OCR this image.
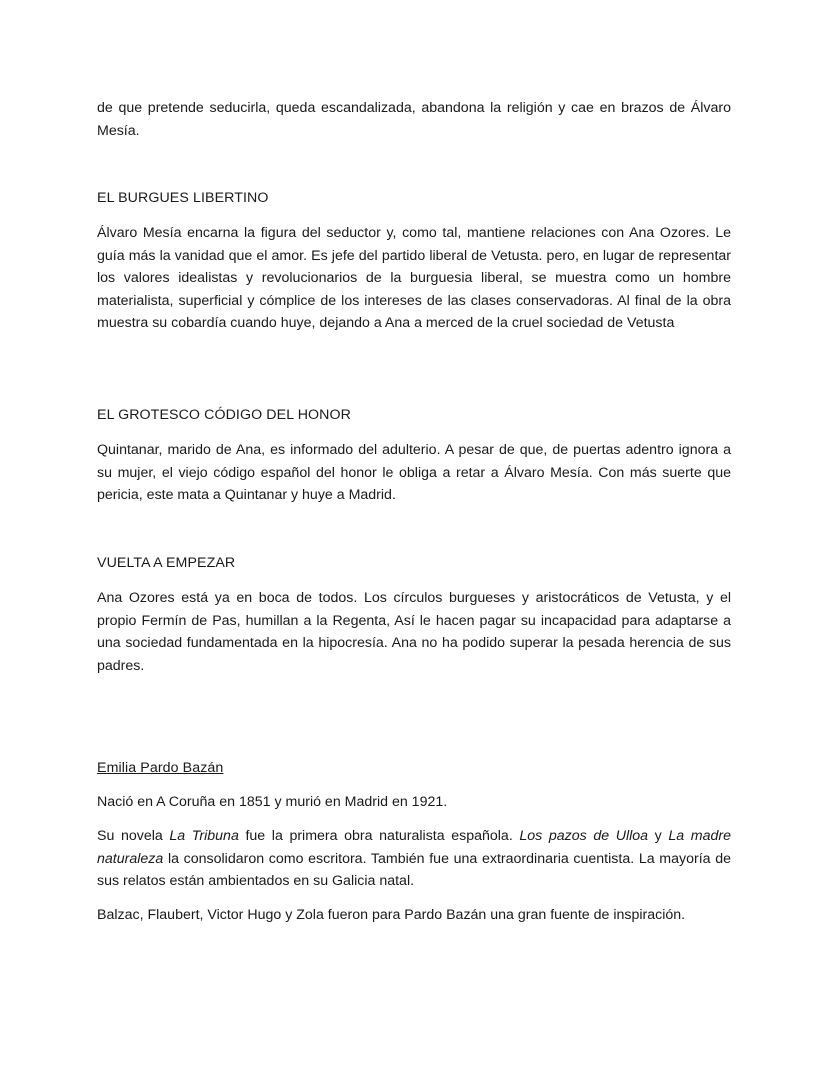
de que pretende seducirla, queda escandalizada, abandona la religión y cae en brazos de Álvaro Mesía.

EL BURGUES LIBERTINO

Álvaro Mesía encarna la figura del seductor y, como tal, mantiene relaciones con Ana Ozores. Le guía más la vanidad que el amor. Es jefe del partido liberal de Vetusta. pero, en lugar de representar los valores idealistas y revolucionarios de la burguesia liberal, se muestra como un hombre materialista, superficial y cómplice de los intereses de las clases conservadoras. Al final de la obra muestra su cobardía cuando huye, dejando a Ana a merced de la cruel sociedad de Vetusta

EL GROTESCO CÓDIGO DEL HONOR

Quintanar, marido de Ana, es informado del adulterio. A pesar de que, de puertas adentro ignora a su mujer, el viejo código español del honor le obliga a retar a Álvaro Mesía. Con más suerte que pericia, este mata a Quintanar y huye a Madrid.

VUELTA A EMPEZAR

Ana Ozores está ya en boca de todos. Los círculos burgueses y aristocráticos de Vetusta, y el propio Fermín de Pas, humillan a la Regenta, Así le hacen pagar su incapacidad para adaptarse a una sociedad fundamentada en la hipocresía. Ana no ha podido superar la pesada herencia de sus padres.

Emilia Pardo Bazán

Nació en A Coruña en 1851 y murió en Madrid en 1921.

Su novela La Tribuna fue la primera obra naturalista española. Los pazos de Ulloa y La madre naturaleza la consolidaron como escritora. También fue una extraordinaria cuentista. La mayoría de sus relatos están ambientados en su Galicia natal.

Balzac, Flaubert, Victor Hugo y Zola fueron para Pardo Bazán una gran fuente de inspiración.
